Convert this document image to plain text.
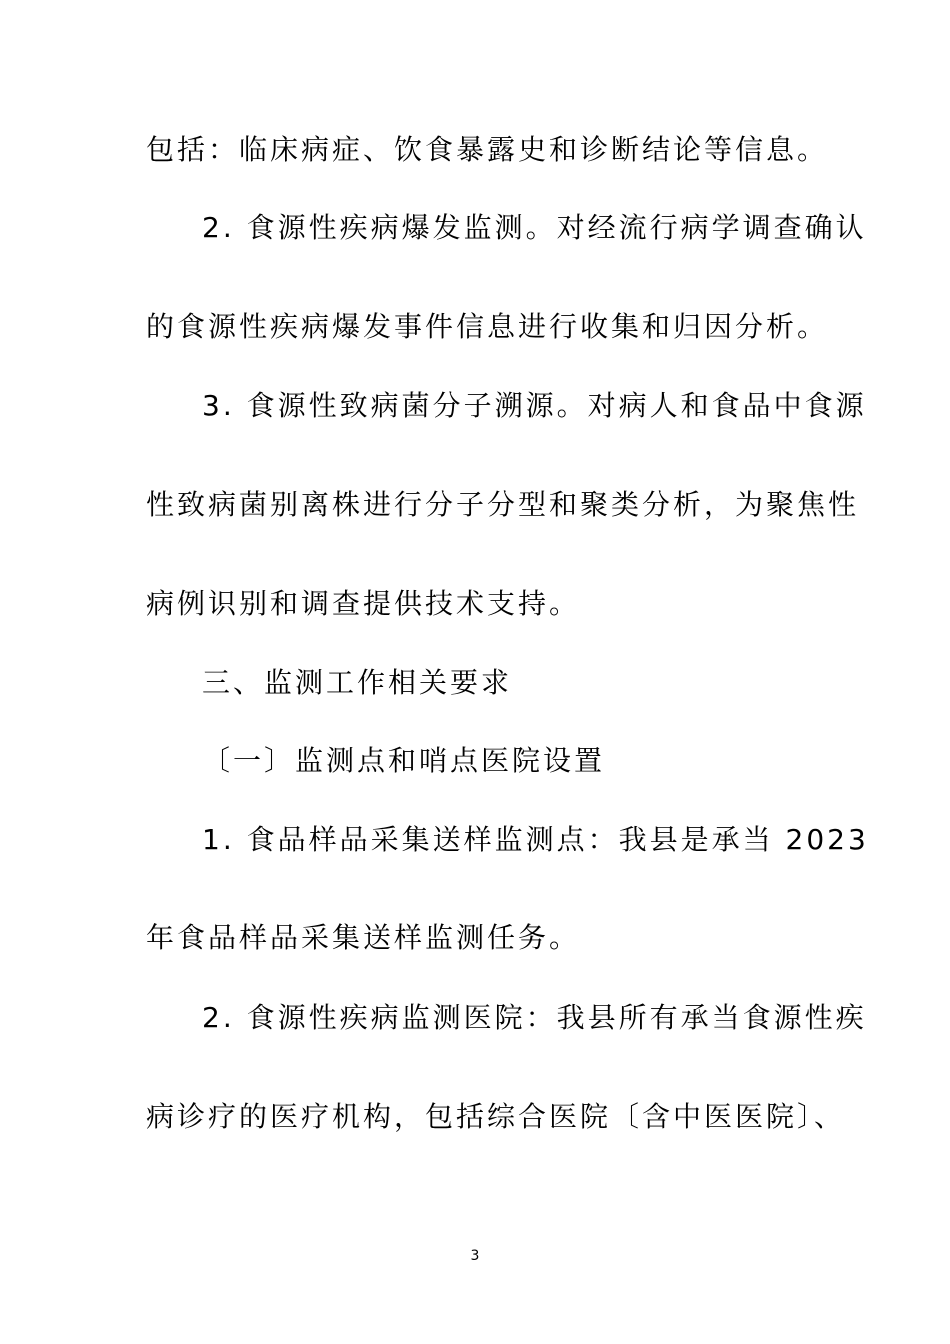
包括：临床病症、饮食暴露史和诊断结论等信息。
2. 食源性疾病爆发监测。对经流行病学调查确认
的食源性疾病爆发事件信息进行收集和归因分析。
3. 食源性致病菌分子溯源。对病人和食品中食源
性致病菌别离株进行分子分型和聚类分析，为聚焦性
病例识别和调查提供技术支持。
三、监测工作相关要求
〔一〕监测点和哨点医院设置
1. 食品样品采集送样监测点：我县是承当 2023
年食品样品采集送样监测任务。
2. 食源性疾病监测医院：我县所有承当食源性疾
病诊疗的医疗机构，包括综合医院〔含中医医院〕、
3
